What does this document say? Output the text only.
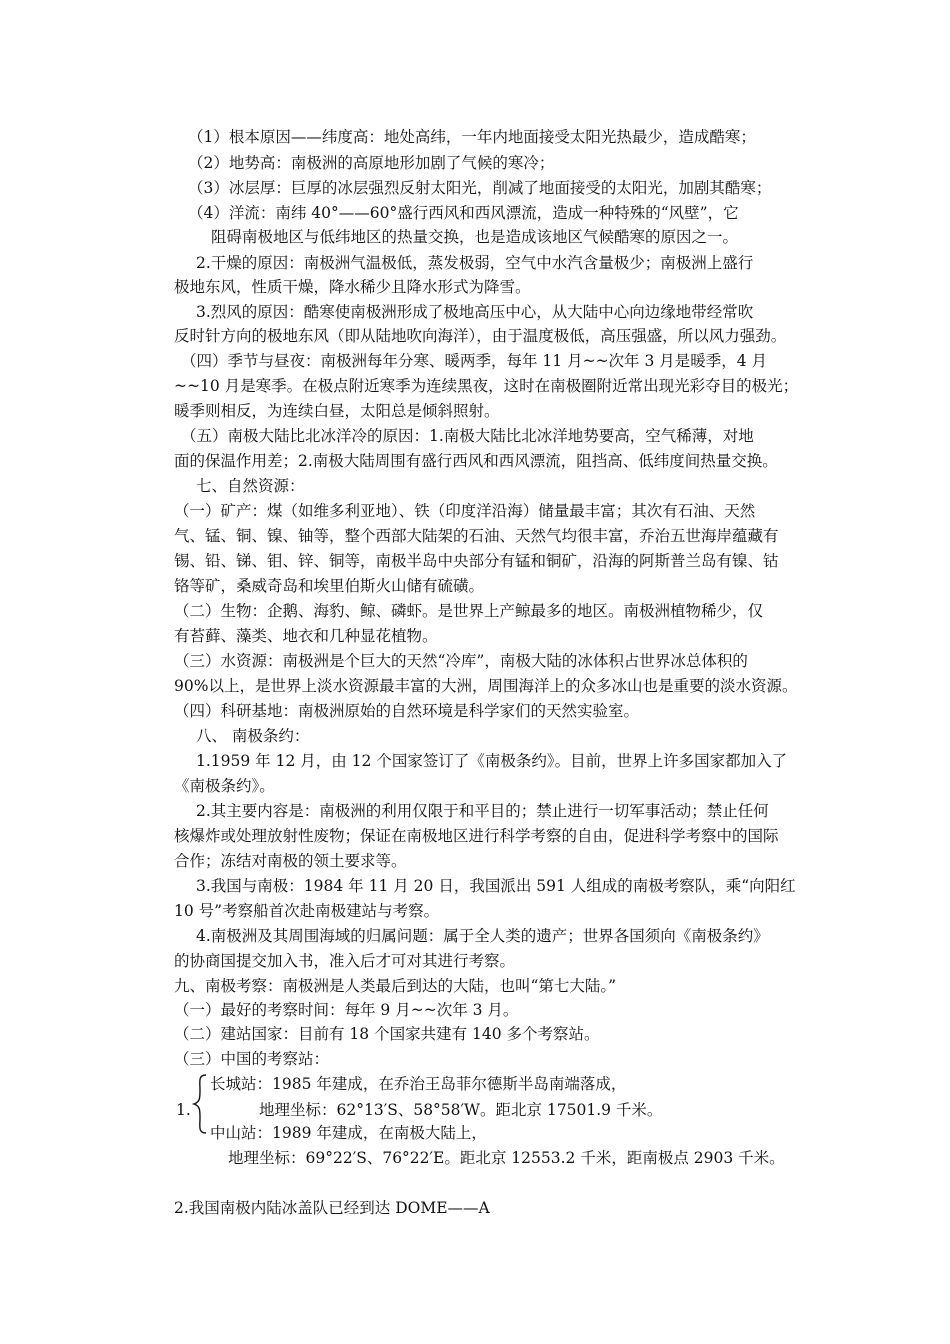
（1）根本原因——纬度高：地处高纬，一年内地面接受太阳光热最少，造成酷寒；
（2）地势高：南极洲的高原地形加剧了气候的寒冷；
（3）冰层厚：巨厚的冰层强烈反射太阳光，削减了地面接受的太阳光，加剧其酷寒；
（4）洋流：南纬 40°——60°盛行西风和西风漂流，造成一种特殊的“风壁”，它
阻碍南极地区与低纬地区的热量交换，也是造成该地区气候酷寒的原因之一。
2.干燥的原因：南极洲气温极低，蒸发极弱，空气中水汽含量极少；南极洲上盛行
极地东风，性质干燥，降水稀少且降水形式为降雪。
3.烈风的原因：酷寒使南极洲形成了极地高压中心，从大陆中心向边缘地带经常吹
反时针方向的极地东风（即从陆地吹向海洋），由于温度极低，高压强盛，所以风力强劲。
（四）季节与昼夜：南极洲每年分寒、暖两季，每年 11 月~~次年 3 月是暖季，4 月
~~10 月是寒季。在极点附近寒季为连续黑夜，这时在南极圈附近常出现光彩夺目的极光；
暖季则相反，为连续白昼，太阳总是倾斜照射。
（五）南极大陆比北冰洋冷的原因：1.南极大陆比北冰洋地势要高，空气稀薄，对地
面的保温作用差；2.南极大陆周围有盛行西风和西风漂流，阻挡高、低纬度间热量交换。
七、自然资源：
（一）矿产：煤（如维多利亚地）、铁（印度洋沿海）储量最丰富；其次有石油、天然
气、锰、铜、镍、铀等，整个西部大陆架的石油、天然气均很丰富，乔治五世海岸蕴藏有
锡、铅、锑、钼、锌、铜等，南极半岛中央部分有锰和铜矿，沿海的阿斯普兰岛有镍、钴
铬等矿，桑威奇岛和埃里伯斯火山储有硫磺。
（二）生物：企鹅、海豹、鲸、磷虾。是世界上产鲸最多的地区。南极洲植物稀少，仅
有苔藓、藻类、地衣和几种显花植物。
（三）水资源：南极洲是个巨大的天然“冷库”，南极大陆的冰体积占世界冰总体积的
90%以上，是世界上淡水资源最丰富的大洲，周围海洋上的众多冰山也是重要的淡水资源。
（四）科研基地：南极洲原始的自然环境是科学家们的天然实验室。
八、 南极条约：
1.1959 年 12 月，由 12 个国家签订了《南极条约》。目前，世界上许多国家都加入了
《南极条约》。
2.其主要内容是：南极洲的利用仅限于和平目的；禁止进行一切军事活动；禁止任何
核爆炸或处理放射性废物；保证在南极地区进行科学考察的自由，促进科学考察中的国际
合作；冻结对南极的领土要求等。
3.我国与南极：1984 年 11 月 20 日，我国派出 591 人组成的南极考察队，乘“向阳红
10 号”考察船首次赴南极建站与考察。
4.南极洲及其周围海域的归属问题：属于全人类的遗产；世界各国须向《南极条约》
的协商国提交加入书，准入后才可对其进行考察。
九、南极考察：南极洲是人类最后到达的大陆，也叫“第七大陆。”
（一）最好的考察时间：每年 9 月~~次年 3 月。
（二）建站国家：目前有 18 个国家共建有 140 多个考察站。
（三）中国的考察站：
长城站：1985 年建成，在乔治王岛菲尔德斯半岛南端落成，
1.	地理坐标：62°13′S、58°58′W。距北京 17501.9 千米。
中山站：1989 年建成，在南极大陆上，
地理坐标：69°22′S、76°22′E。距北京 12553.2 千米，距南极点 2903 千米。
2.我国南极内陆冰盖队已经到达 DOME——A
